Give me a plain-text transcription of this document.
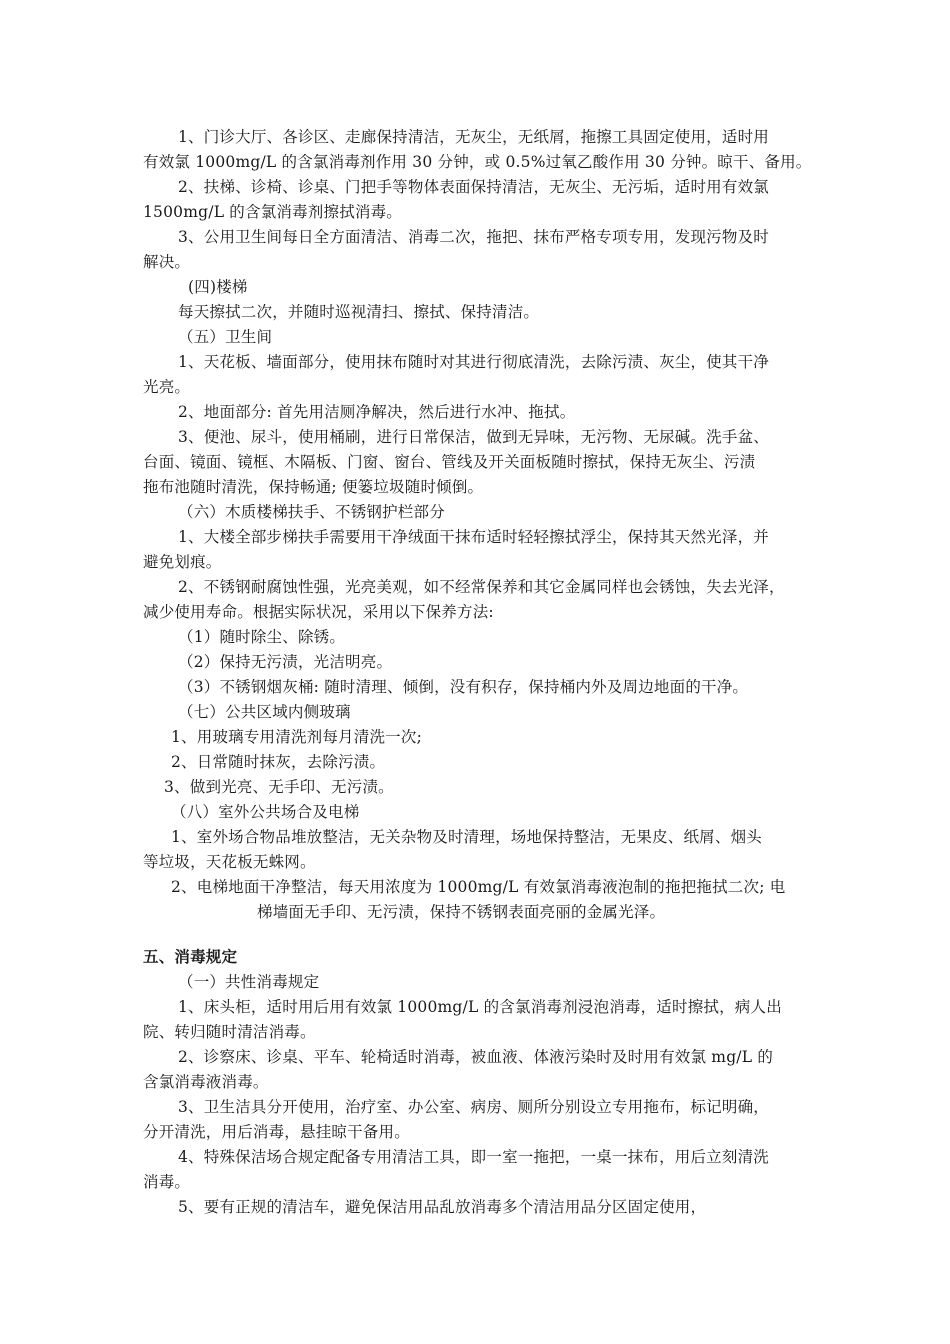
1、门诊大厅、各诊区、走廊保持清洁，无灰尘，无纸屑，拖擦工具固定使用，适时用
有效氯 1000mg/L 的含氯消毒剂作用 30 分钟，或 0.5%过氧乙酸作用 30 分钟。晾干、备用。
2、扶梯、诊椅、诊桌、门把手等物体表面保持清洁，无灰尘、无污垢，适时用有效氯
1500mg/L 的含氯消毒剂擦拭消毒。
3、公用卫生间每日全方面清洁、消毒二次，拖把、抹布严格专项专用，发现污物及时
解决。
(四)楼梯
每天擦拭二次，并随时巡视清扫、擦拭、保持清洁。
（五）卫生间
1、天花板、墙面部分，使用抹布随时对其进行彻底清洗，去除污渍、灰尘，使其干净
光亮。
2、地面部分: 首先用洁厕净解决，然后进行水冲、拖拭。
3、便池、尿斗，使用桶刷，进行日常保洁，做到无异味，无污物、无尿碱。洗手盆、
台面、镜面、镜框、木隔板、门窗、窗台、管线及开关面板随时擦拭，保持无灰尘、污渍
拖布池随时清洗，保持畅通; 便篓垃圾随时倾倒。
（六）木质楼梯扶手、不锈钢护栏部分
1、大楼全部步梯扶手需要用干净绒面干抹布适时轻轻擦拭浮尘，保持其天然光泽，并
避免划痕。
2、不锈钢耐腐蚀性强，光亮美观，如不经常保养和其它金属同样也会锈蚀，失去光泽，
减少使用寿命。根据实际状况，采用以下保养方法:
（1）随时除尘、除锈。
（2）保持无污渍，光洁明亮。
（3）不锈钢烟灰桶: 随时清理、倾倒，没有积存，保持桶内外及周边地面的干净。
（七）公共区域内侧玻璃
1、用玻璃专用清洗剂每月清洗一次;
2、日常随时抹灰，去除污渍。
3、做到光亮、无手印、无污渍。
（八）室外公共场合及电梯
1、室外场合物品堆放整洁，无关杂物及时清理，场地保持整洁，无果皮、纸屑、烟头
等垃圾，天花板无蛛网。
2、电梯地面干净整洁，每天用浓度为 1000mg/L 有效氯消毒液泡制的拖把拖拭二次; 电
梯墙面无手印、无污渍，保持不锈钢表面亮丽的金属光泽。
五、消毒规定
（一）共性消毒规定
1、床头柜，适时用后用有效氯 1000mg/L 的含氯消毒剂浸泡消毒，适时擦拭，病人出
院、转归随时清洁消毒。
2、诊察床、诊桌、平车、轮椅适时消毒，被血液、体液污染时及时用有效氯 mg/L 的
含氯消毒液消毒。
3、卫生洁具分开使用，治疗室、办公室、病房、厕所分别设立专用拖布，标记明确，
分开清洗，用后消毒，悬挂晾干备用。
4、特殊保洁场合规定配备专用清洁工具，即一室一拖把，一桌一抹布，用后立刻清洗
消毒。
5、要有正规的清洁车，避免保洁用品乱放消毒多个清洁用品分区固定使用，
